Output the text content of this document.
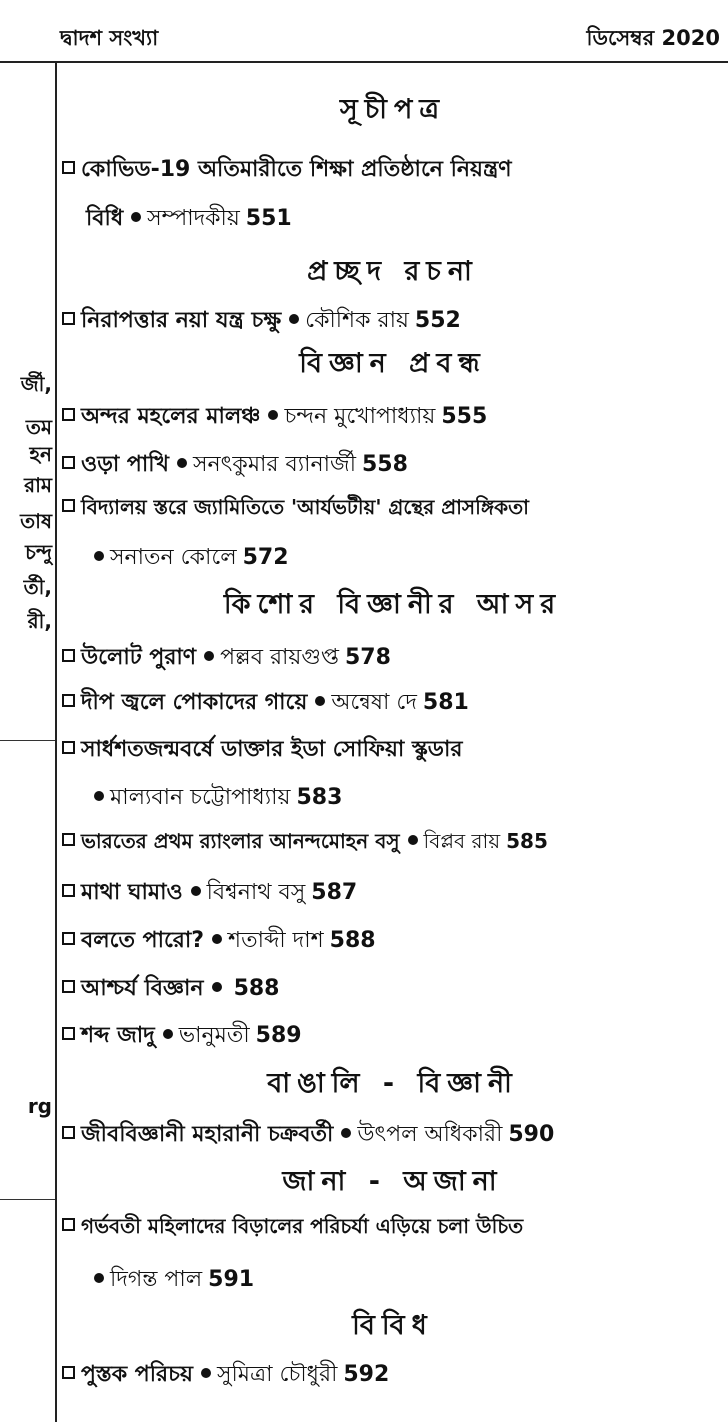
দ্বাদশ সংখ্যা	ডিসেম্বর 2020
র্জী,
তম
হন
রাম
তাষ
চন্দু
র্তী,
রী,
rg
সূচীপত্র
কোভিড-19 অতিমারীতে শিক্ষা প্রতিষ্ঠানে নিয়ন্ত্রণ
বিধি সম্পাদকীয় 551
প্রচ্ছদ রচনা
নিরাপত্তার নয়া যন্ত্র চক্ষু কৌশিক রায় 552
বিজ্ঞান প্রবন্ধ
অন্দর মহলের মালঞ্চ চন্দন মুখোপাধ্যায় 555
ওড়া পাখি সনৎকুমার ব্যানার্জী 558
বিদ্যালয় স্তরে জ্যামিতিতে 'আর্যভটীয়' গ্রন্থের প্রাসঙ্গিকতা
সনাতন কোলে 572
কিশোর বিজ্ঞানীর আসর
উলোট পুরাণ পল্লব রায়গুপ্ত 578
দীপ জ্বলে পোকাদের গায়ে অন্বেষা দে 581
সার্ধশতজন্মবর্ষে ডাক্তার ইডা সোফিয়া স্কুডার
মাল্যবান চট্টোপাধ্যায় 583
ভারতের প্রথম র‍্যাংলার আনন্দমোহন বসু বিপ্লব রায় 585
মাথা ঘামাও বিশ্বনাথ বসু 587
বলতে পারো? শতাব্দী দাশ 588
আশ্চর্য বিজ্ঞান 588
শব্দ জাদু ভানুমতী 589
বাঙালি - বিজ্ঞানী
জীববিজ্ঞানী মহারানী চক্রবর্তী উৎপল অধিকারী 590
জানা - অজানা
গর্ভবতী মহিলাদের বিড়ালের পরিচর্যা এড়িয়ে চলা উচিত
দিগন্ত পাল 591
বিবিধ
পুস্তক পরিচয় সুমিত্রা চৌধুরী 592
